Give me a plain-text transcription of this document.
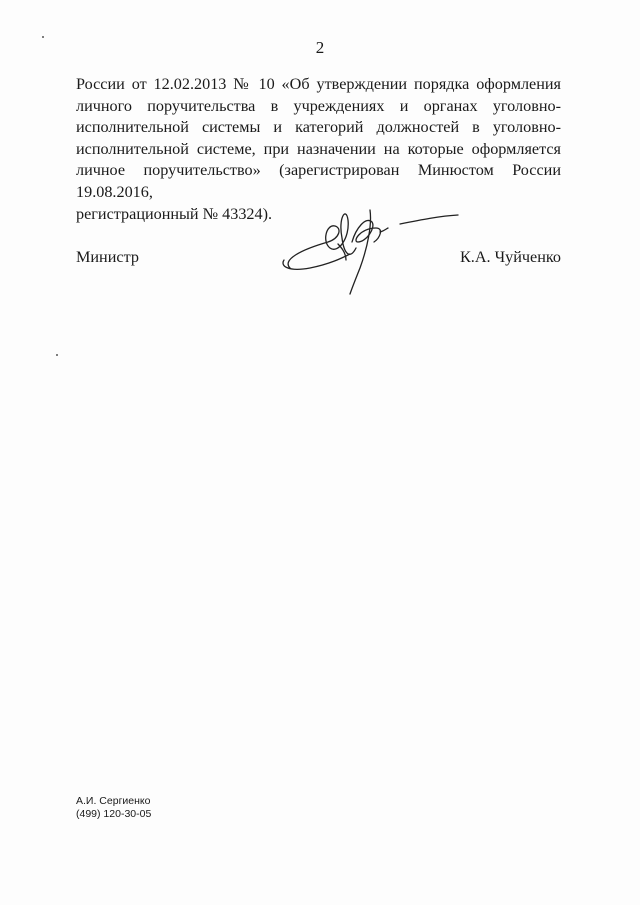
2

России от 12.02.2013 № 10 «Об утверждении порядка оформления
личного поручительства в учреждениях и органах уголовно-
исполнительной системы и категорий должностей в уголовно-
исполнительной системе, при назначении на которые оформляется
личное поручительство» (зарегистрирован Минюстом России 19.08.2016,
регистрационный № 43324).

Министр	К.А. Чуйченко
А.И. Сергиенко
(499) 120-30-05
